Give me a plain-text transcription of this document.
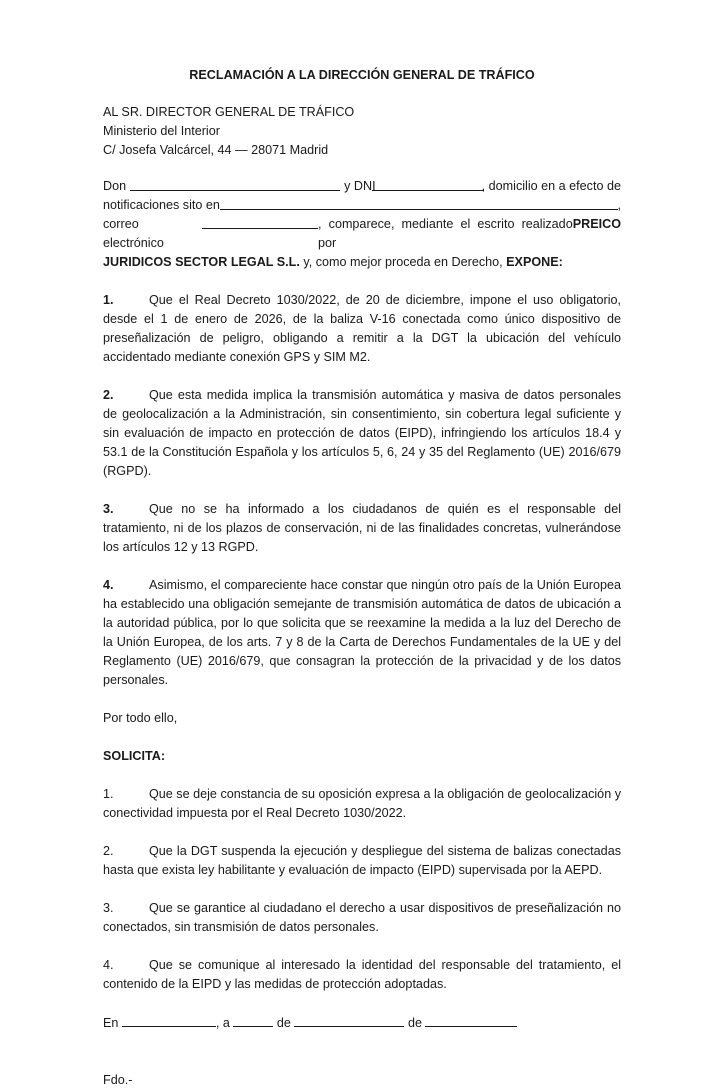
RECLAMACIÓN A LA DIRECCIÓN GENERAL DE TRÁFICO
AL SR. DIRECTOR GENERAL DE TRÁFICO
Ministerio del Interior
C/ Josefa Valcárcel, 44 — 28071 Madrid
Don	y DNI	, domicilio en a efecto de
notificaciones sito en	,
correo electrónico
, comparece, mediante el escrito realizado por
PREICO
JURIDICOS SECTOR LEGAL S.L. y, como mejor proceda en Derecho, EXPONE:
1.	Que el Real Decreto 1030/2022, de 20 de diciembre, impone el uso obligatorio, desde el 1 de enero de 2026, de la baliza V-16 conectada como único dispositivo de preseñalización de peligro, obligando a remitir a la DGT la ubicación del vehículo accidentado mediante conexión GPS y SIM M2.
2.	Que esta medida implica la transmisión automática y masiva de datos personales de geolocalización a la Administración, sin consentimiento, sin cobertura legal suficiente y sin evaluación de impacto en protección de datos (EIPD), infringiendo los artículos 18.4 y 53.1 de la Constitución Española y los artículos 5, 6, 24 y 35 del Reglamento (UE) 2016/679 (RGPD).
3.	Que no se ha informado a los ciudadanos de quién es el responsable del tratamiento, ni de los plazos de conservación, ni de las finalidades concretas, vulnerándose los artículos 12 y 13 RGPD.
4.	Asimismo, el compareciente hace constar que ningún otro país de la Unión Europea ha establecido una obligación semejante de transmisión automática de datos de ubicación a la autoridad pública, por lo que solicita que se reexamine la medida a la luz del Derecho de la Unión Europea, de los arts. 7 y 8 de la Carta de Derechos Fundamentales de la UE y del Reglamento (UE) 2016/679, que consagran la protección de la privacidad y de los datos personales.
Por todo ello,
SOLICITA:
1.	Que se deje constancia de su oposición expresa a la obligación de geolocalización y conectividad impuesta por el Real Decreto 1030/2022.
2.	Que la DGT suspenda la ejecución y despliegue del sistema de balizas conectadas hasta que exista ley habilitante y evaluación de impacto (EIPD) supervisada por la AEPD.
3.	Que se garantice al ciudadano el derecho a usar dispositivos de preseñalización no conectados, sin transmisión de datos personales.
4.	Que se comunique al interesado la identidad del responsable del tratamiento, el contenido de la EIPD y las medidas de protección adoptadas.
En	, a	de	de
Fdo.-
